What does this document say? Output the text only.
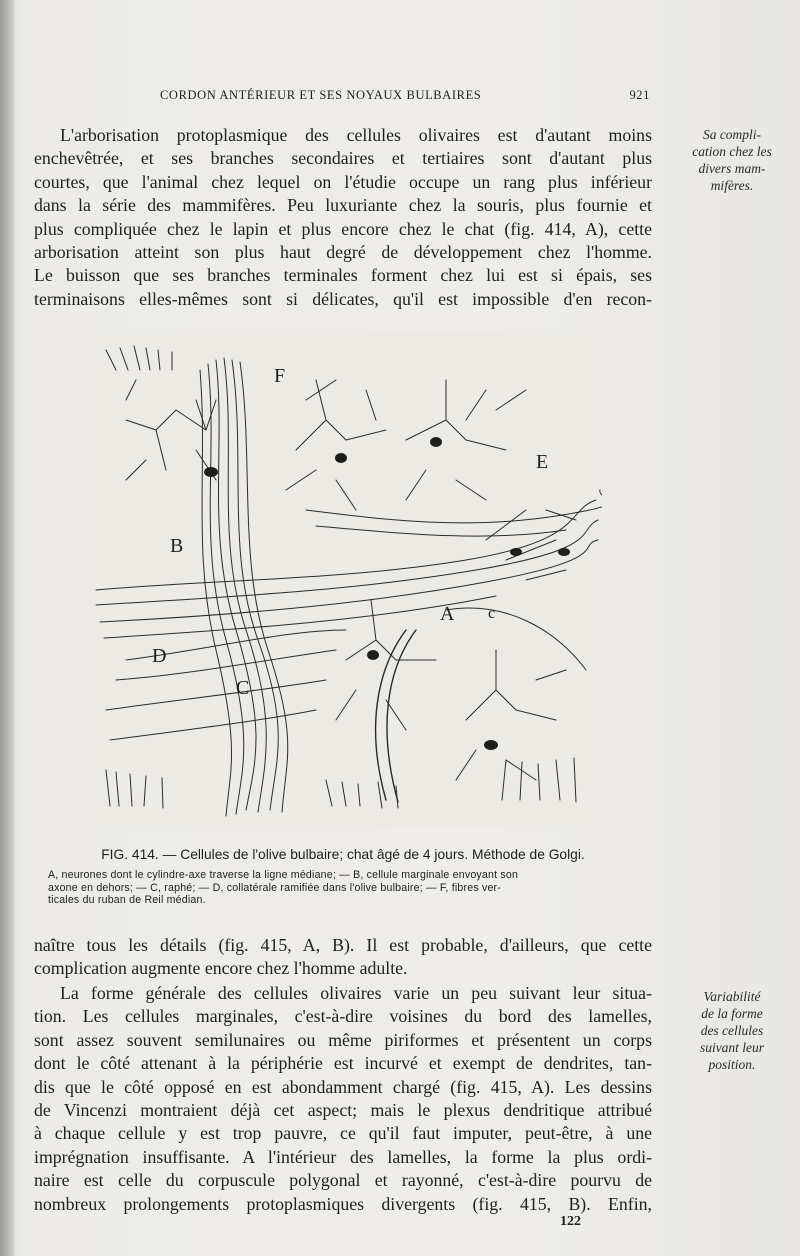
CORDON ANTÉRIEUR ET SES NOYAUX BULBAIRES	921
L'arborisation protoplasmique des cellules olivaires est d'autant moins
enchevêtrée, et ses branches secondaires et tertiaires sont d'autant plus
courtes, que l'animal chez lequel on l'étudie occupe un rang plus inférieur
dans la série des mammifères. Peu luxuriante chez la souris, plus fournie et
plus compliquée chez le lapin et plus encore chez le chat (fig. 414, A), cette
arborisation atteint son plus haut degré de développement chez l'homme.
Le buisson que ses branches terminales forment chez lui est si épais, ses
terminaisons elles-mêmes sont si délicates, qu'il est impossible d'en recon-
Sa compli-
cation chez les
divers mam-
mifères.
F
E
B
A c
D
C
FIG. 414. — Cellules de l'olive bulbaire; chat âgé de 4 jours. Méthode de Golgi.
A, neurones dont le cylindre-axe traverse la ligne médiane; — B, cellule marginale envoyant son
axone en dehors; — C, raphé; — D, collatérale ramifiée dans l'olive bulbaire; — F, fibres ver-
ticales du ruban de Reil médian.
naître tous les détails (fig. 415, A, B). Il est probable, d'ailleurs, que cette
complication augmente encore chez l'homme adulte.
La forme générale des cellules olivaires varie un peu suivant leur situa-
tion. Les cellules marginales, c'est-à-dire voisines du bord des lamelles,
sont assez souvent semilunaires ou même piriformes et présentent un corps
dont le côté attenant à la périphérie est incurvé et exempt de dendrites, tan-
dis que le côté opposé en est abondamment chargé (fig. 415, A). Les dessins
de Vincenzi montraient déjà cet aspect; mais le plexus dendritique attribué
à chaque cellule y est trop pauvre, ce qu'il faut imputer, peut-être, à une
imprégnation insuffisante. A l'intérieur des lamelles, la forme la plus ordi-
naire est celle du corpuscule polygonal et rayonné, c'est-à-dire pourvu de
nombreux prolongements protoplasmiques divergents (fig. 415, B). Enfin,
Variabilité
de la forme
des cellules
suivant leur
position.
122
